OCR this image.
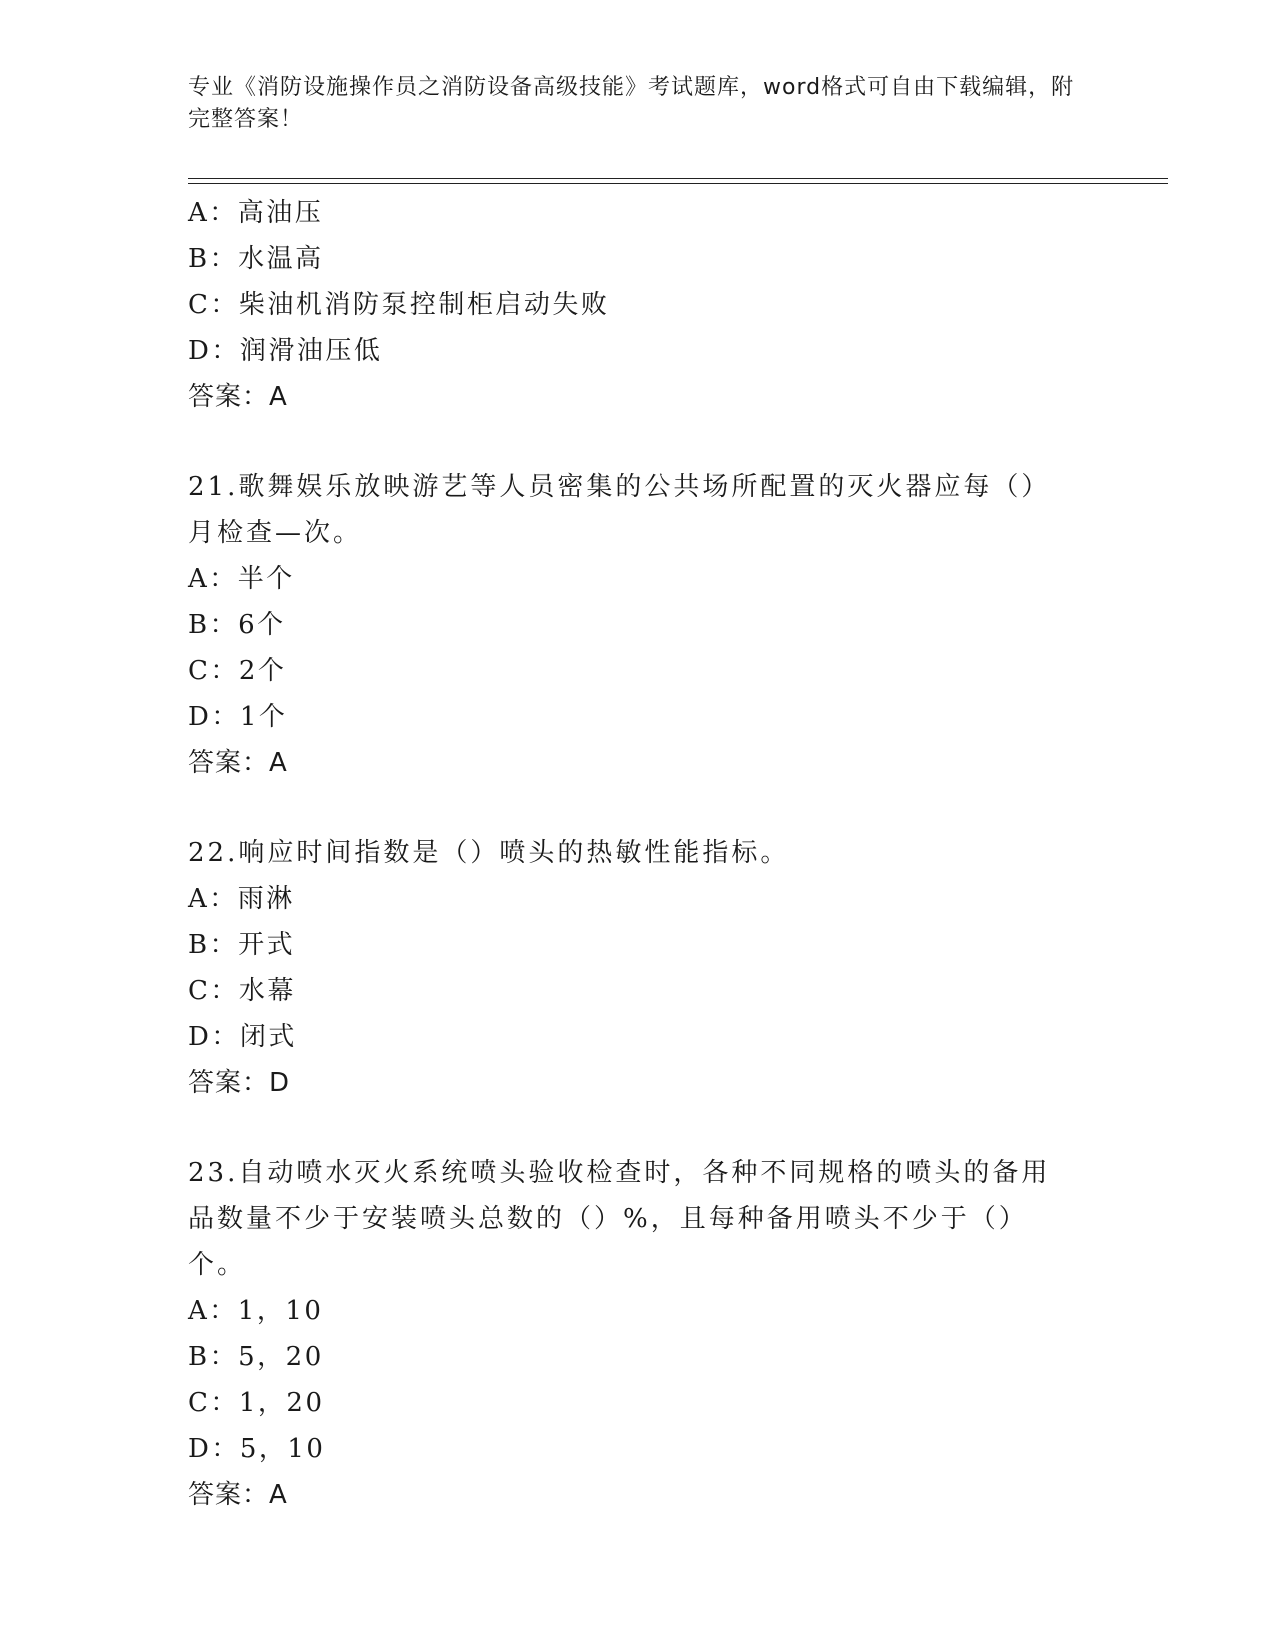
专业《消防设施操作员之消防设备高级技能》考试题库，word格式可自由下载编辑，附完整答案！
A：高油压
B：水温高
C：柴油机消防泵控制柜启动失败
D：润滑油压低
答案：A
21.歌舞娱乐放映游艺等人员密集的公共场所配置的灭火器应每（）月检查—次。
A：半个
B：6个
C：2个
D：1个
答案：A
22.响应时间指数是（）喷头的热敏性能指标。
A：雨淋
B：开式
C：水幕
D：闭式
答案：D
23.自动喷水灭火系统喷头验收检查时，各种不同规格的喷头的备用品数量不少于安装喷头总数的（）%，且每种备用喷头不少于（）个。
A：1，10
B：5，20
C：1，20
D：5，10
答案：A
